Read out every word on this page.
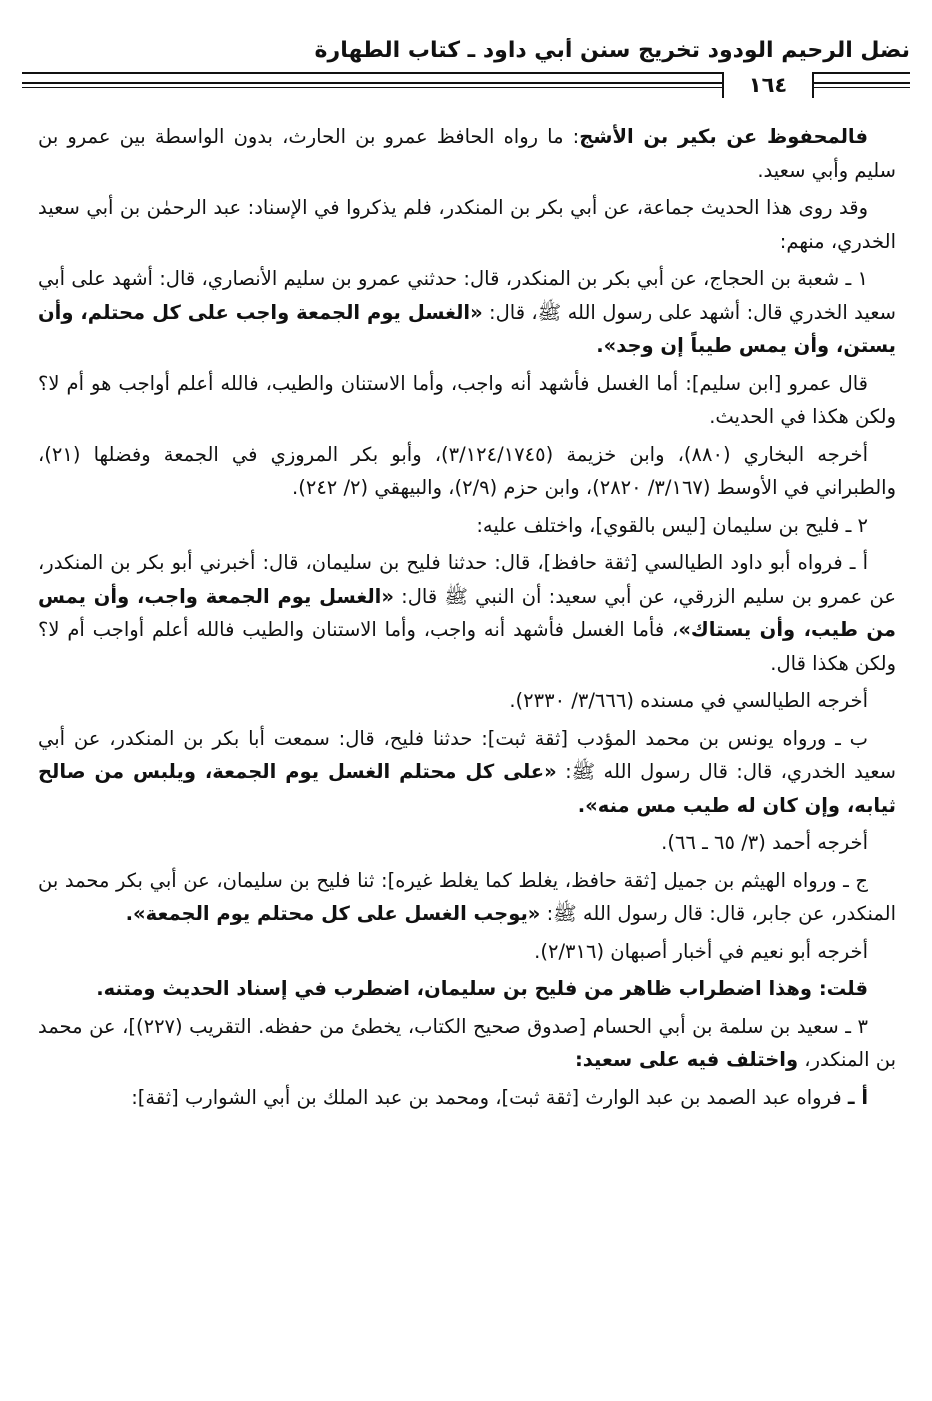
نضل الرحيم الودود تخريج سنن أبي داود ـ كتاب الطهارة
١٦٤

فالمحفوظ عن بكير بن الأشج: ما رواه الحافظ عمرو بن الحارث، بدون الواسطة بين عمرو بن سليم وأبي سعيد.

وقد روى هذا الحديث جماعة، عن أبي بكر بن المنكدر، فلم يذكروا في الإسناد: عبد الرحمٰن بن أبي سعيد الخدري، منهم:

١ ـ شعبة بن الحجاج، عن أبي بكر بن المنكدر، قال: حدثني عمرو بن سليم الأنصاري، قال: أشهد على أبي سعيد الخدري قال: أشهد على رسول الله ﷺ، قال: «الغسل يوم الجمعة واجب على كل محتلم، وأن يستن، وأن يمس طيباً إن وجد».

قال عمرو [ابن سليم]: أما الغسل فأشهد أنه واجب، وأما الاستنان والطيب، فالله أعلم أواجب هو أم لا؟ ولكن هكذا في الحديث.

أخرجه البخاري (٨٨٠)، وابن خزيمة (٣/١٢٤/١٧٤٥)، وأبو بكر المروزي في الجمعة وفضلها (٢١)، والطبراني في الأوسط (٣/١٦٧/ ٢٨٢٠)، وابن حزم (٢/٩)، والبيهقي (٢/ ٢٤٢).

٢ ـ فليح بن سليمان [ليس بالقوي]، واختلف عليه:

أ ـ فرواه أبو داود الطيالسي [ثقة حافظ]، قال: حدثنا فليح بن سليمان، قال: أخبرني أبو بكر بن المنكدر، عن عمرو بن سليم الزرقي، عن أبي سعيد: أن النبي ﷺ قال: «الغسل يوم الجمعة واجب، وأن يمس من طيب، وأن يستاك»، فأما الغسل فأشهد أنه واجب، وأما الاستنان والطيب فالله أعلم أواجب أم لا؟ ولكن هكذا قال.

أخرجه الطيالسي في مسنده (٣/٦٦٦/ ٢٣٣٠).

ب ـ ورواه يونس بن محمد المؤدب [ثقة ثبت]: حدثنا فليح، قال: سمعت أبا بكر بن المنكدر، عن أبي سعيد الخدري، قال: قال رسول الله ﷺ: «على كل محتلم الغسل يوم الجمعة، ويلبس من صالح ثيابه، وإن كان له طيب مس منه».

أخرجه أحمد (٣/ ٦٥ ـ ٦٦).

ج ـ ورواه الهيثم بن جميل [ثقة حافظ، يغلط كما يغلط غيره]: ثنا فليح بن سليمان، عن أبي بكر محمد بن المنكدر، عن جابر، قال: قال رسول الله ﷺ: «يوجب الغسل على كل محتلم يوم الجمعة».

أخرجه أبو نعيم في أخبار أصبهان (٢/٣١٦).

قلت: وهذا اضطراب ظاهر من فليح بن سليمان، اضطرب في إسناد الحديث ومتنه.

٣ ـ سعيد بن سلمة بن أبي الحسام [صدوق صحيح الكتاب، يخطئ من حفظه. التقريب (٢٢٧)]، عن محمد بن المنكدر، واختلف فيه على سعيد:

أ ـ فرواه عبد الصمد بن عبد الوارث [ثقة ثبت]، ومحمد بن عبد الملك بن أبي الشوارب [ثقة]:
